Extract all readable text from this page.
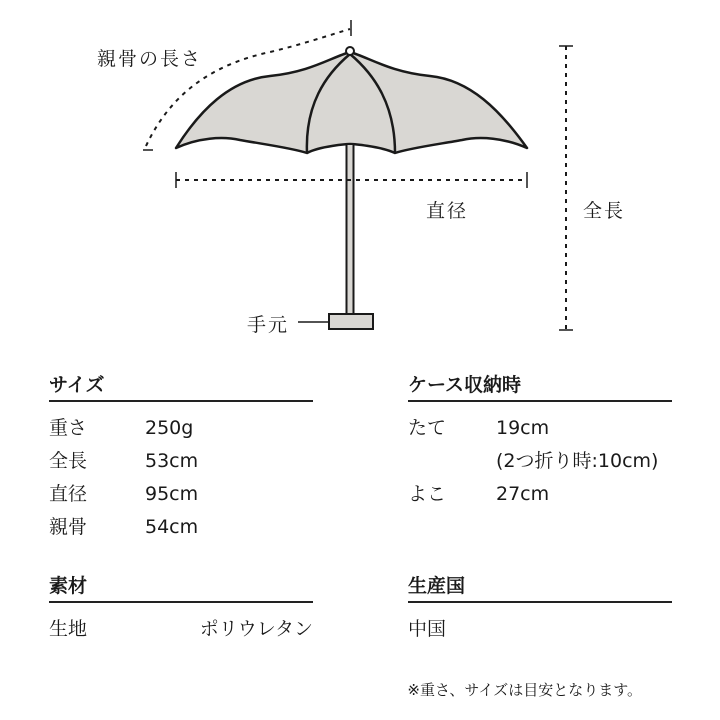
親骨の長さ
直径	全長
手元
サイズ
重さ	250g
全長	53cm
直径	95cm
親骨	54cm
ケース収納時
たて	19cm
(2つ折り時:10cm)
よこ	27cm
素材
生地	ポリウレタン
生産国
中国
※重さ、サイズは目安となります。
